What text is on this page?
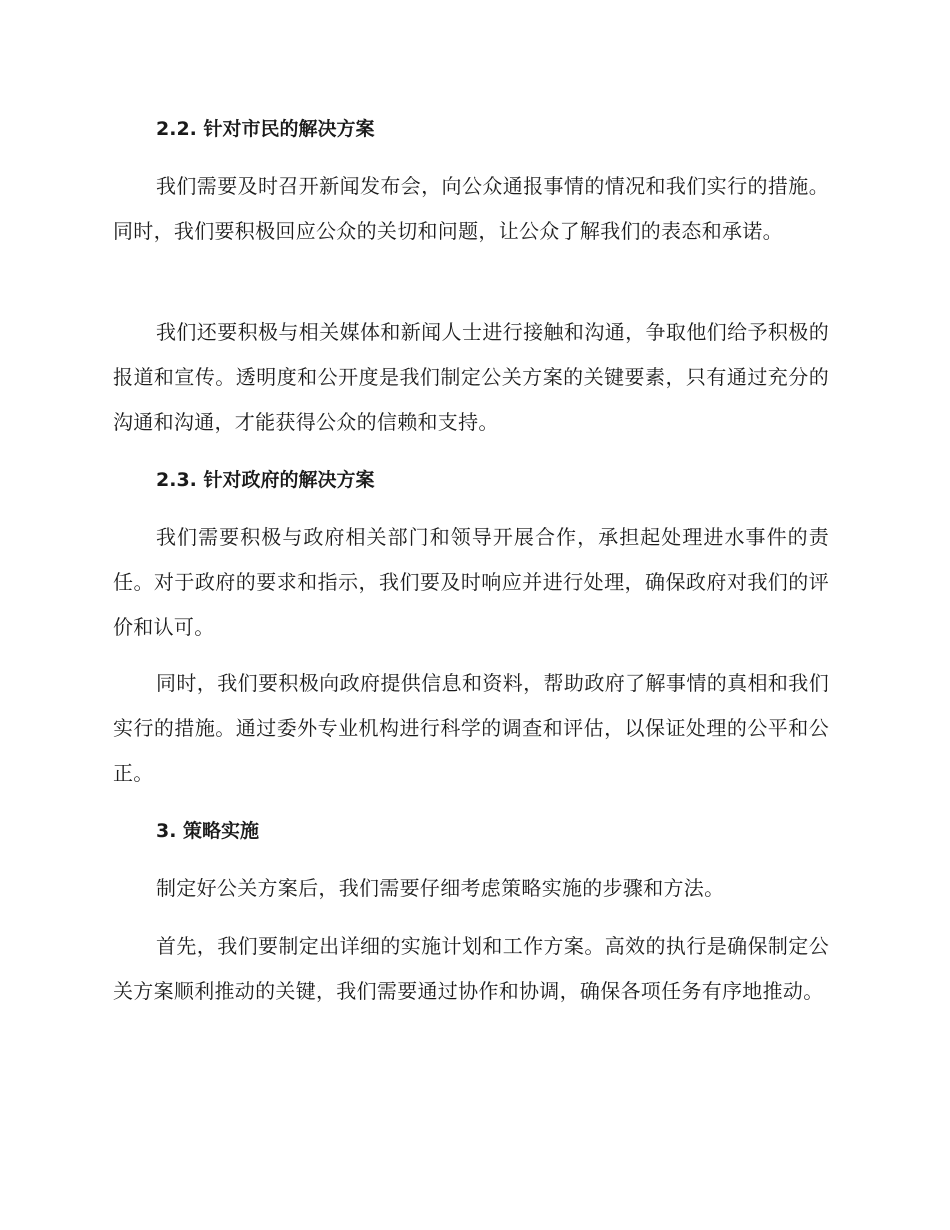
2.2. 针对市民的解决方案
我们需要及时召开新闻发布会，向公众通报事情的情况和我们实行的措施。同时，我们要积极回应公众的关切和问题，让公众了解我们的表态和承诺。
我们还要积极与相关媒体和新闻人士进行接触和沟通，争取他们给予积极的报道和宣传。透明度和公开度是我们制定公关方案的关键要素，只有通过充分的沟通和沟通，才能获得公众的信赖和支持。
2.3. 针对政府的解决方案
我们需要积极与政府相关部门和领导开展合作，承担起处理进水事件的责任。对于政府的要求和指示，我们要及时响应并进行处理，确保政府对我们的评价和认可。
同时，我们要积极向政府提供信息和资料，帮助政府了解事情的真相和我们实行的措施。通过委外专业机构进行科学的调查和评估，以保证处理的公平和公正。
3. 策略实施
制定好公关方案后，我们需要仔细考虑策略实施的步骤和方法。
首先，我们要制定出详细的实施计划和工作方案。高效的执行是确保制定公关方案顺利推动的关键，我们需要通过协作和协调，确保各项任务有序地推动。
